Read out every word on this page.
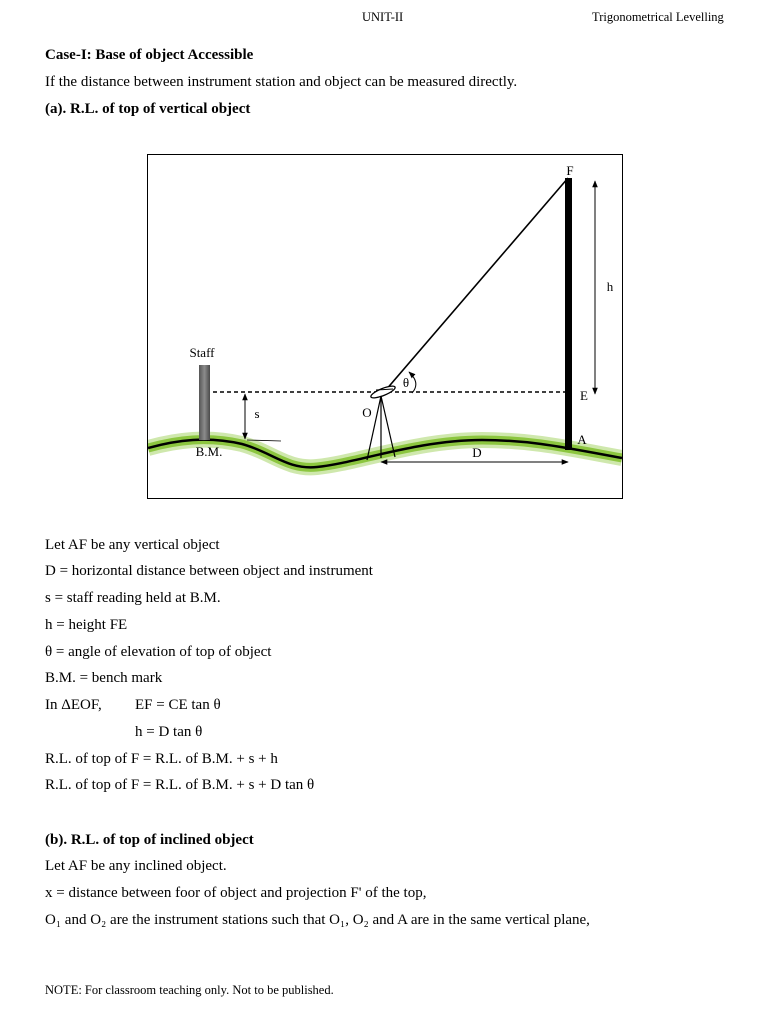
UNIT-II	Trigonometrical Levelling
Case-I: Base of object Accessible
If the distance between instrument station and object can be measured directly.
(a). R.L. of top of vertical object
F
h
Staff
s	O
θ
E
A
B.M.	D
Let AF be any vertical object
D = horizontal distance between object and instrument
s = staff reading held at B.M.
h = height FE
θ = angle of elevation of top of object
B.M. = bench mark
In ΔEOF, EF = CE tan θ
h = D tan θ
R.L. of top of F = R.L. of B.M. + s + h
R.L. of top of F = R.L. of B.M. + s + D tan θ
(b). R.L. of top of inclined object
Let AF be any inclined object.
x = distance between foor of object and projection F' of the top,
O₁ and O₂ are the instrument stations such that O₁, O₂ and A are in the same vertical plane,
NOTE: For classroom teaching only. Not to be published.
